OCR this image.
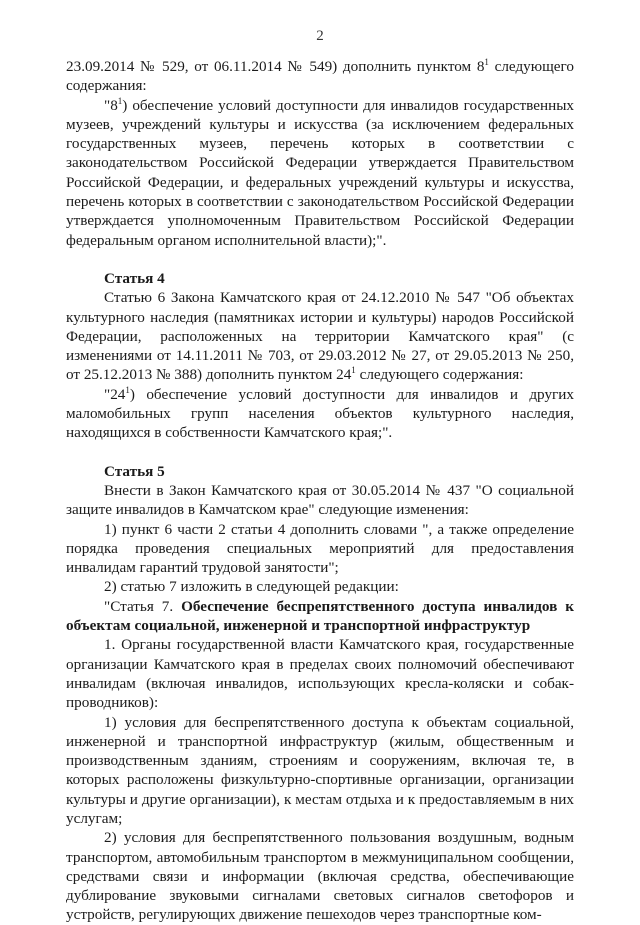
2

23.09.2014 № 529, от 06.11.2014 № 549) дополнить пунктом $8^1$ следующего содержания:

"$8^1$) обеспечение условий доступности для инвалидов государственных музеев, учреждений культуры и искусства (за исключением федеральных государственных музеев, перечень которых в соответствии с законодательством Российской Федерации утверждается Правительством Российской Федерации, и федеральных учреждений культуры и искусства, перечень которых в соответствии с законодательством Российской Федерации утверждается уполномоченным Правительством Российской Федерации федеральным органом исполнительной власти);".

Статья 4

Статью 6 Закона Камчатского края от 24.12.2010 № 547 "Об объектах культурного наследия (памятниках истории и культуры) народов Российской Федерации, расположенных на территории Камчатского края" (с изменениями от 14.11.2011 № 703, от 29.03.2012 № 27, от 29.05.2013 № 250, от 25.12.2013 № 388) дополнить пунктом $24^1$ следующего содержания:

"$24^1$) обеспечение условий доступности для инвалидов и других маломобильных групп населения объектов культурного наследия, находящихся в собственности Камчатского края;".

Статья 5

Внести в Закон Камчатского края от 30.05.2014 № 437 "О социальной защите инвалидов в Камчатском крае" следующие изменения:

1) пункт 6 части 2 статьи 4 дополнить словами ", а также определение порядка проведения специальных мероприятий для предоставления инвалидам гарантий трудовой занятости";

2) статью 7 изложить в следующей редакции:

"Статья 7. Обеспечение беспрепятственного доступа инвалидов к объектам социальной, инженерной и транспортной инфраструктур

1. Органы государственной власти Камчатского края, государственные организации Камчатского края в пределах своих полномочий обеспечивают инвалидам (включая инвалидов, использующих кресла-коляски и собак-проводников):

1) условия для беспрепятственного доступа к объектам социальной, инженерной и транспортной инфраструктур (жилым, общественным и производственным зданиям, строениям и сооружениям, включая те, в которых расположены физкультурно-спортивные организации, организации культуры и другие организации), к местам отдыха и к предоставляемым в них услугам;

2) условия для беспрепятственного пользования воздушным, водным транспортом, автомобильным транспортом в межмуниципальном сообщении, средствами связи и информации (включая средства, обеспечивающие дублирование звуковыми сигналами световых сигналов светофоров и устройств, регулирующих движение пешеходов через транспортные ком-
